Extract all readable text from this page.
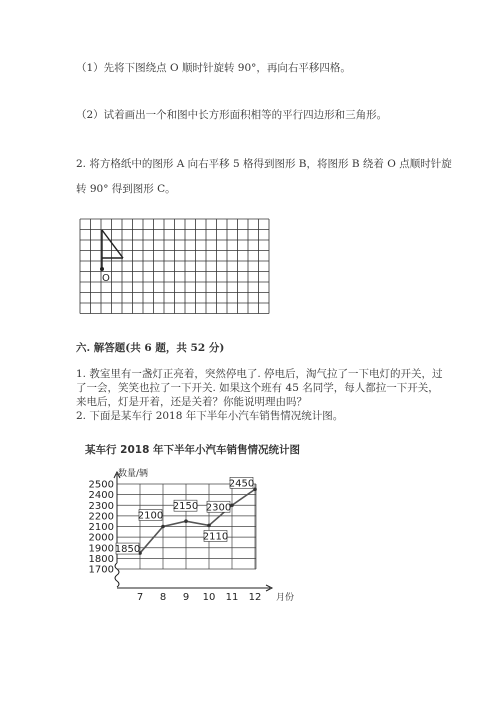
（1）先将下图绕点 O 顺时针旋转 90°，再向右平移四格。
（2）试着画出一个和图中长方形面积相等的平行四边形和三角形。
2. 将方格纸中的图形 A 向右平移 5 格得到图形 B，将图形 B 绕着 O 点顺时针旋
转 90° 得到图形 C。
O
六. 解答题(共 6 题，共 52 分)
1. 教室里有一盏灯正亮着，突然停电了. 停电后，淘气拉了一下电灯的开关，过
了一会，笑笑也拉了一下开关. 如果这个班有 45 名同学，每人都拉一下开关，
来电后，灯是开着，还是关着？你能说明理由吗？
2. 下面是某车行 2018 年下半年小汽车销售情况统计图。
某车行 2018 年下半年小汽车销售情况统计图
数量/辆
月份
1700
1800
1900
2000
2100
2200
2300
2400
2500
7 8 9 10 11 12
1850
2100
2150
2110
2300
2450
